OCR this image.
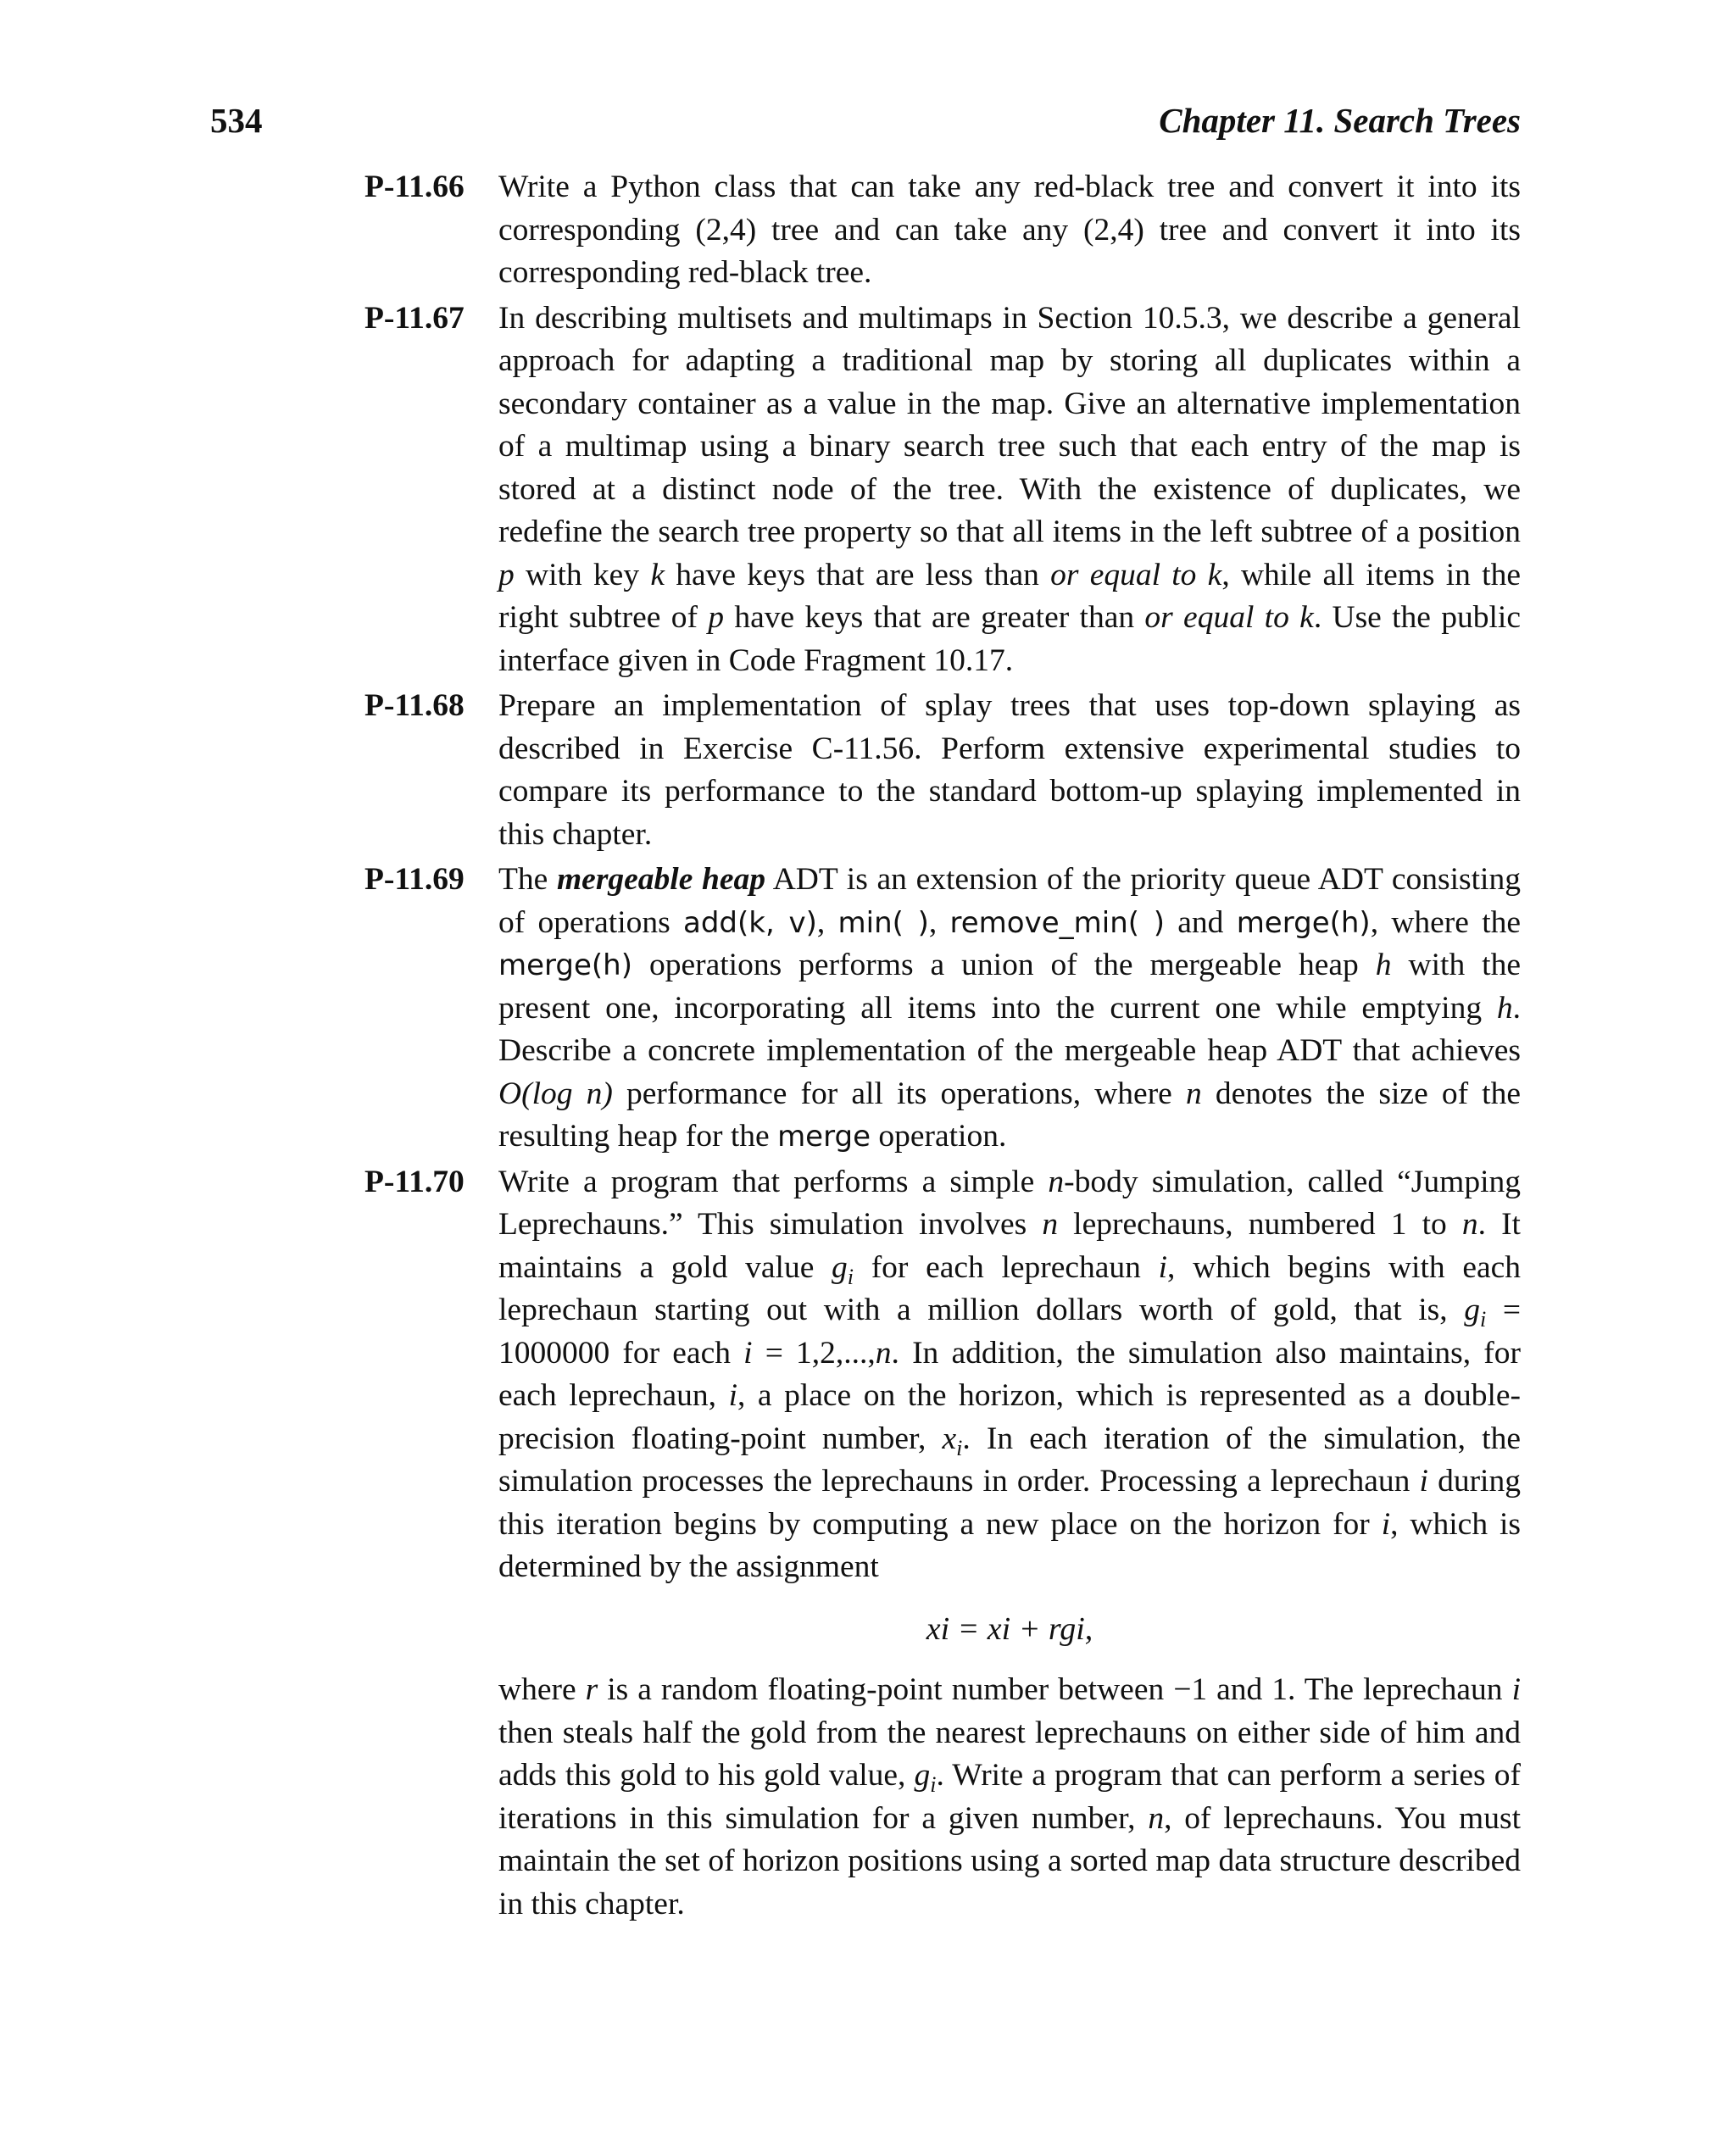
534	Chapter 11. Search Trees
P-11.66 Write a Python class that can take any red-black tree and convert it into its corresponding (2,4) tree and can take any (2,4) tree and convert it into its corresponding red-black tree.

P-11.67 In describing multisets and multimaps in Section 10.5.3, we describe a general approach for adapting a traditional map by storing all duplicates within a secondary container as a value in the map. Give an alternative implementation of a multimap using a binary search tree such that each entry of the map is stored at a distinct node of the tree. With the existence of duplicates, we redefine the search tree property so that all items in the left subtree of a position p with key k have keys that are less than or equal to k, while all items in the right subtree of p have keys that are greater than or equal to k. Use the public interface given in Code Fragment 10.17.

P-11.68 Prepare an implementation of splay trees that uses top-down splaying as described in Exercise C-11.56. Perform extensive experimental studies to compare its performance to the standard bottom-up splaying implemented in this chapter.

P-11.69 The mergeable heap ADT is an extension of the priority queue ADT consisting of operations add(k, v), min( ), remove_min( ) and merge(h), where the merge(h) operations performs a union of the mergeable heap h with the present one, incorporating all items into the current one while emptying h. Describe a concrete implementation of the mergeable heap ADT that achieves O(log n) performance for all its operations, where n denotes the size of the resulting heap for the merge operation.

P-11.70 Write a program that performs a simple n-body simulation, called “Jumping Leprechauns.” This simulation involves n leprechauns, numbered 1 to n. It maintains a gold value $g_i$ for each leprechaun i, which begins with each leprechaun starting out with a million dollars worth of gold, that is, $g_i = 1000000$ for each i = 1,2,...,n. In addition, the simulation also maintains, for each leprechaun, i, a place on the horizon, which is represented as a double-precision floating-point number, $x_i$. In each iteration of the simulation, the simulation processes the leprechauns in order. Processing a leprechaun i during this iteration begins by computing a new place on the horizon for i, which is determined by the assignment

xi = xi + rgi,

where r is a random floating-point number between −1 and 1. The leprechaun i then steals half the gold from the nearest leprechauns on either side of him and adds this gold to his gold value, $g_i$. Write a program that can perform a series of iterations in this simulation for a given number, n, of leprechauns. You must maintain the set of horizon positions using a sorted map data structure described in this chapter.
